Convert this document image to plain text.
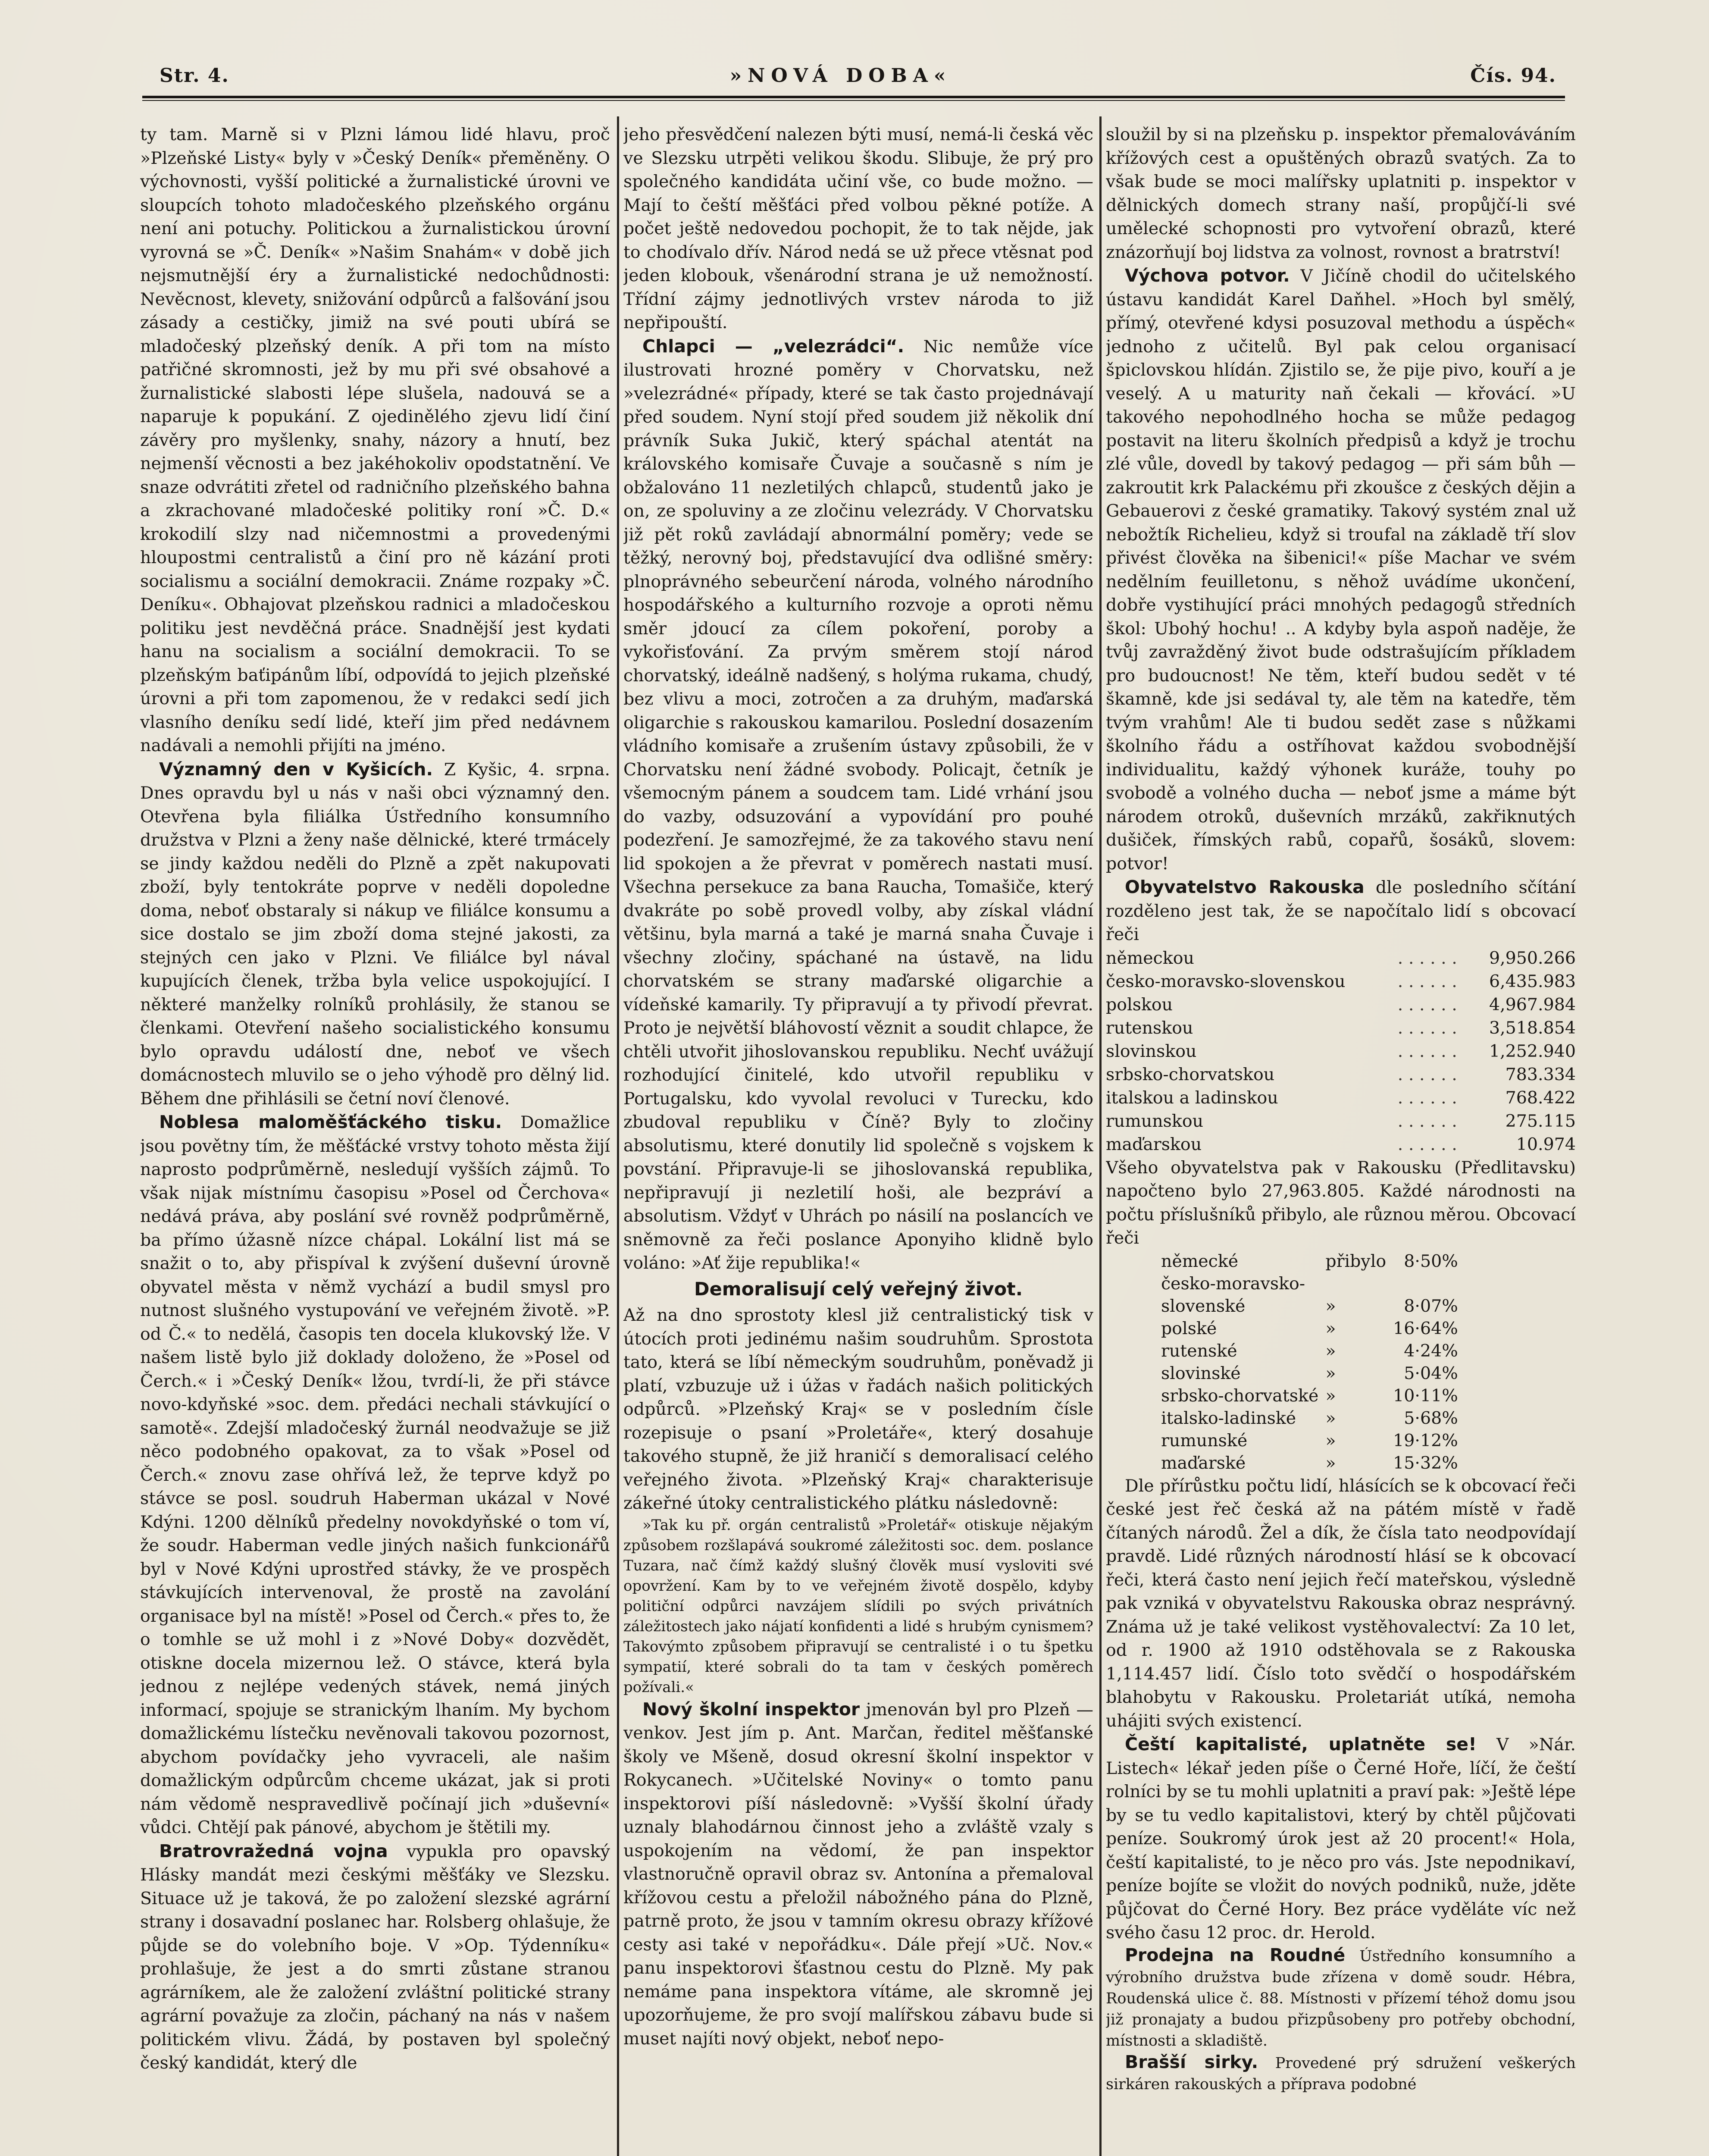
Str. 4.	»NOVÁ DOBA«	Čís. 94.

ty tam. Marně si v Plzni lámou lidé hlavu, proč »Plzeňské Listy« byly v »Český Deník« přeměněny. O výchovnosti, vyšší politické a žurnalistické úrovni ve sloupcích tohoto mladočeského plzeňského orgánu není ani potuchy. Politickou a žurnalistickou úrovní vyrovná se »Č. Deník« »Našim Snahám« v době jich nejsmutnější éry a žurnalistické nedochůdnosti: Nevěcnost, klevety, snižování odpůrců a falšování jsou zásady a cestičky, jimiž na své pouti ubírá se mladočeský plzeňský deník. A při tom na místo patřičné skromnosti, jež by mu při své obsahové a žurnalistické slabosti lépe slušela, nadouvá se a naparuje k popukání. Z ojedinělého zjevu lidí činí závěry pro myšlenky, snahy, názory a hnutí, bez nejmenší věcnosti a bez jakéhokoliv opodstatnění. Ve snaze odvrátiti zřetel od radničního plzeňského bahna a zkrachované mladočeské politiky roní »Č. D.« krokodilí slzy nad ničemnostmi a provedenými hloupostmi centralistů a činí pro ně kázání proti socialismu a sociální demokracii. Známe rozpaky »Č. Deníku«. Obhajovat plzeňskou radnici a mladočeskou politiku jest nevděčná práce. Snadnější jest kydati hanu na socialism a sociální demokracii. To se plzeňským baťipánům líbí, odpovídá to jejich plzeňské úrovni a při tom zapomenou, že v redakci sedí jich vlasního deníku sedí lidé, kteří jim před nedávnem nadávali a nemohli přijíti na jméno.

Významný den v Kyšicích. Z Kyšic, 4. srpna. Dnes opravdu byl u nás v naši obci významný den. Otevřena byla filiálka Ústředního konsumního družstva v Plzni a ženy naše dělnické, které trmácely se jindy každou neděli do Plzně a zpět nakupovati zboží, byly tentokráte poprve v neděli dopoledne doma, neboť obstaraly si nákup ve filiálce konsumu a sice dostalo se jim zboží doma stejné jakosti, za stejných cen jako v Plzni. Ve filiálce byl nával kupujících členek, tržba byla velice uspokojující. I některé manželky rolníků prohlásily, že stanou se členkami. Otevření našeho socialistického konsumu bylo opravdu událostí dne, neboť ve všech domácnostech mluvilo se o jeho výhodě pro dělný lid. Během dne přihlásili se četní noví členové.

Noblesa maloměšťáckého tisku. Domažlice jsou povětny tím, že měšťácké vrstvy tohoto města žijí naprosto podprůměrně, nesledují vyšších zájmů. To však nijak místnímu časopisu »Posel od Čerchova« nedává práva, aby poslání své rovněž podprůměrně, ba přímo úžasně nízce chápal. Lokální list má se snažit o to, aby přispíval k zvýšení duševní úrovně obyvatel města v němž vychází a budil smysl pro nutnost slušného vystupování ve veřejném životě. »P. od Č.« to nedělá, časopis ten docela klukovský lže. V našem listě bylo již doklady doloženo, že »Posel od Čerch.« i »Český Deník« lžou, tvrdí-li, že při stávce novo-kdyňské »soc. dem. předáci nechali stávkující o samotě«. Zdejší mladočeský žurnál neodvažuje se již něco podobného opakovat, za to však »Posel od Čerch.« znovu zase ohřívá lež, že teprve když po stávce se posl. soudruh Haberman ukázal v Nové Kdýni. 1200 dělníků předelny novokdyňské o tom ví, že soudr. Haberman vedle jiných našich funkcionářů byl v Nové Kdýni uprostřed stávky, že ve prospěch stávkujících intervenoval, že prostě na zavolání organisace byl na místě! »Posel od Čerch.« přes to, že o tomhle se už mohl i z »Nové Doby« dozvědět, otiskne docela mizernou lež. O stávce, která byla jednou z nejlépe vedených stávek, nemá jiných informací, spojuje se stranickým lhaním. My bychom domažlickému lístečku nevěnovali takovou pozornost, abychom povídačky jeho vyvraceli, ale našim domažlickým odpůrcům chceme ukázat, jak si proti nám vědomě nespravedlivě počínají jich »duševní« vůdci. Chtějí pak pánové, abychom je štětili my.

Bratrovražedná vojna vypukla pro opavský Hlásky mandát mezi českými měšťáky ve Slezsku. Situace už je taková, že po založení slezské agrární strany i dosavadní poslanec har. Rolsberg ohlašuje, že půjde se do volebního boje. V »Op. Týdenníku« prohlašuje, že jest a do smrti zůstane stranou agrárníkem, ale že založení zvláštní politické strany agrární považuje za zločin, páchaný na nás v našem politickém vlivu. Žádá, by postaven byl společný český kandidát, který dle

jeho přesvědčení nalezen býti musí, nemá-li česká věc ve Slezsku utrpěti velikou škodu. Slibuje, že prý pro společného kandidáta učiní vše, co bude možno. — Mají to čeští měšťáci před volbou pěkné potíže. A počet ještě nedovedou pochopit, že to tak nějde, jak to chodívalo dřív. Národ nedá se už přece vtěsnat pod jeden klobouk, všenárodní strana je už nemožností. Třídní zájmy jednotlivých vrstev národa to již nepřipouští.

Chlapci — „velezrádci“. Nic nemůže více ilustrovati hrozné poměry v Chorvatsku, než »velezrádné« případy, které se tak často projednávají před soudem. Nyní stojí před soudem již několik dní právník Suka Jukič, který spáchal atentát na královského komisaře Čuvaje a současně s ním je obžalováno 11 nezletilých chlapců, studentů jako je on, ze spoluviny a ze zločinu velezrády. V Chorvatsku již pět roků zavládají abnormální poměry; vede se těžký, nerovný boj, představující dva odlišné směry: plnoprávného sebeurčení národa, volného národního hospodářského a kulturního rozvoje a oproti němu směr jdoucí za cílem pokoření, poroby a vykořisťování. Za prvým směrem stojí národ chorvatský, ideálně nadšený, s holýma rukama, chudý, bez vlivu a moci, zotročen a za druhým, maďarská oligarchie s rakouskou kamarilou. Poslední dosazením vládního komisaře a zrušením ústavy způsobili, že v Chorvatsku není žádné svobody. Policajt, četník je všemocným pánem a soudcem tam. Lidé vrhání jsou do vazby, odsuzování a vypovídání pro pouhé podezření. Je samozřejmé, že za takového stavu není lid spokojen a že převrat v poměrech nastati musí. Všechna persekuce za bana Raucha, Tomašiče, který dvakráte po sobě provedl volby, aby získal vládní většinu, byla marná a také je marná snaha Čuvaje i všechny zločiny, spáchané na ústavě, na lidu chorvatském se strany maďarské oligarchie a vídeňské kamarily. Ty připravují a ty přivodí převrat. Proto je největší bláhovostí věznit a soudit chlapce, že chtěli utvořit jihoslovanskou republiku. Nechť uvážují rozhodující činitelé, kdo utvořil republiku v Portugalsku, kdo vyvolal revoluci v Turecku, kdo zbudoval republiku v Číně? Byly to zločiny absolutismu, které donutily lid společně s vojskem k povstání. Připravuje-li se jihoslovanská republika, nepřipravují ji nezletilí hoši, ale bezpráví a absolutism. Vždyť v Uhrách po násilí na poslancích ve sněmovně za řeči poslance Aponyiho klidně bylo voláno: »Ať žije republika!«

Demoralisují celý veřejný život.

Až na dno sprostoty klesl již centralistický tisk v útocích proti jedinému našim soudruhům. Sprostota tato, která se líbí německým soudruhům, poněvadž ji platí, vzbuzuje už i úžas v řadách našich politických odpůrců. »Plzeňský Kraj« se v posledním čísle rozepisuje o psaní »Proletáře«, který dosahuje takového stupně, že již hraničí s demoralisací celého veřejného života. »Plzeňský Kraj« charakterisuje zákeřné útoky centralistického plátku následovně:

»Tak ku př. orgán centralistů »Proletář« otiskuje nějakým způsobem rozšlapává soukromé záležitosti soc. dem. poslance Tuzara, nač čímž každý slušný člověk musí vysloviti své opovržení. Kam by to ve veřejném životě dospělo, kdyby političní odpůrci navzájem slídili po svých privátních záležitostech jako nájatí konfidenti a lidé s hrubým cynismem? Takovýmto způsobem připravují se centralisté i o tu špetku sympatií, které sobrali do ta tam v českých poměrech požívali.«

Nový školní inspektor jmenován byl pro Plzeň — venkov. Jest jím p. Ant. Marčan, ředitel měšťanské školy ve Mšeně, dosud okresní školní inspektor v Rokycanech. »Učitelské Noviny« o tomto panu inspektorovi píší následovně: »Vyšší školní úřady uznaly blahodárnou činnost jeho a zvláště vzaly s uspokojením na vědomí, že pan inspektor vlastnoručně opravil obraz sv. Antonína a přemaloval křížovou cestu a přeložil nábožného pána do Plzně, patrně proto, že jsou v tamním okresu obrazy křížové cesty asi také v nepořádku«. Dále přejí »Uč. Nov.« panu inspektorovi šťastnou cestu do Plzně. My pak nemáme pana inspektora vítáme, ale skromně jej upozorňujeme, že pro svojí malířskou zábavu bude si muset najíti nový objekt, neboť nepo-

sloužil by si na plzeňsku p. inspektor přemalováváním křížových cest a opuštěných obrazů svatých. Za to však bude se moci malířsky uplatniti p. inspektor v dělnických domech strany naší, propůjčí-li své umělecké schopnosti pro vytvoření obrazů, které znázorňují boj lidstva za volnost, rovnost a bratrství!

Výchova potvor. V Jičíně chodil do učitelského ústavu kandidát Karel Daňhel. »Hoch byl smělý, přímý, otevřené kdysi posuzoval methodu a úspěch« jednoho z učitelů. Byl pak celou organisací špiclovskou hlídán. Zjistilo se, že pije pivo, kouří a je veselý. A u maturity naň čekali — křovácí. »U takového nepohodlného hocha se může pedagog postavit na literu školních předpisů a když je trochu zlé vůle, dovedl by takový pedagog — při sám bůh — zakroutit krk Palackému při zkoušce z českých dějin a Gebauerovi z české gramatiky. Takový systém znal už nebožtík Richelieu, když si troufal na základě tří slov přivést člověka na šibenici!« píše Machar ve svém nedělním feuilletonu, s něhož uvádíme ukončení, dobře vystihující práci mnohých pedagogů středních škol: Ubohý hochu! .. A kdyby byla aspoň naděje, že tvůj zavražděný život bude odstrašujícím příkladem pro budoucnost! Ne těm, kteří budou sedět v té škamně, kde jsi sedával ty, ale těm na katedře, těm tvým vrahům! Ale ti budou sedět zase s nůžkami školního řádu a ostříhovat každou svobodnější individualitu, každý výhonek kuráže, touhy po svobodě a volného ducha — neboť jsme a máme být národem otroků, duševních mrzáků, zakřiknutých dušiček, římských rabů, copařů, šosáků, slovem: potvor!

Obyvatelstvo Rakouska dle posledního sčítání rozděleno jest tak, že se napočítalo lidí s obcovací řeči

německou	. . . . . .	9,950.266
česko-moravsko-slovenskou	. . . . . .	6,435.983
polskou	. . . . . .	4,967.984
rutenskou	. . . . . .	3,518.854
slovinskou	. . . . . .	1,252.940
srbsko-chorvatskou	. . . . . .	783.334
italskou a ladinskou	. . . . . .	768.422
rumunskou	. . . . . .	275.115
maďarskou	. . . . . .	10.974

Všeho obyvatelstva pak v Rakousku (Předlitavsku) napočteno bylo 27,963.805. Každé národnosti na počtu příslušníků přibylo, ale různou měrou. Obcovací řeči

německé	přibylo	8·50%
česko-moravsko-		
slovenské	»	8·07%
polské	»	16·64%
rutenské	»	4·24%
slovinské	»	5·04%
srbsko-chorvatské	»	10·11%
italsko-ladinské	»	5·68%
rumunské	»	19·12%
maďarské	»	15·32%

Dle přírůstku počtu lidí, hlásících se k obcovací řeči české jest řeč česká až na pátém místě v řadě čítaných národů. Žel a dík, že čísla tato neodpovídají pravdě. Lidé různých národností hlásí se k obcovací řeči, která často není jejich řečí mateřskou, výsledně pak vzniká v obyvatelstvu Rakouska obraz nesprávný. Známa už je také velikost vystěhovalectví: Za 10 let, od r. 1900 až 1910 odstěhovala se z Rakouska 1,114.457 lidí. Číslo toto svědčí o hospodářském blahobytu v Rakousku. Proletariát utíká, nemoha uhájiti svých existencí.

Čeští kapitalisté, uplatněte se! V »Nár. Listech« lékař jeden píše o Černé Hoře, líčí, že čeští rolníci by se tu mohli uplatniti a praví pak: »Ještě lépe by se tu vedlo kapitalistovi, který by chtěl půjčovati peníze. Soukromý úrok jest až 20 procent!« Hola, čeští kapitalisté, to je něco pro vás. Jste nepodnikaví, peníze bojíte se vložit do nových podniků, nuže, jděte půjčovat do Černé Hory. Bez práce vyděláte víc než svého času 12 proc. dr. Herold.

Prodejna na Roudné Ústředního konsumního a výrobního družstva bude zřízena v domě soudr. Hébra, Roudenská ulice č. 88. Místnosti v přízemí téhož domu jsou již pronajaty a budou přizpůsobeny pro potřeby obchodní, místnosti a skladiště.

Brašší sirky. Provedené prý sdružení veškerých sirkáren rakouských a příprava podobné
